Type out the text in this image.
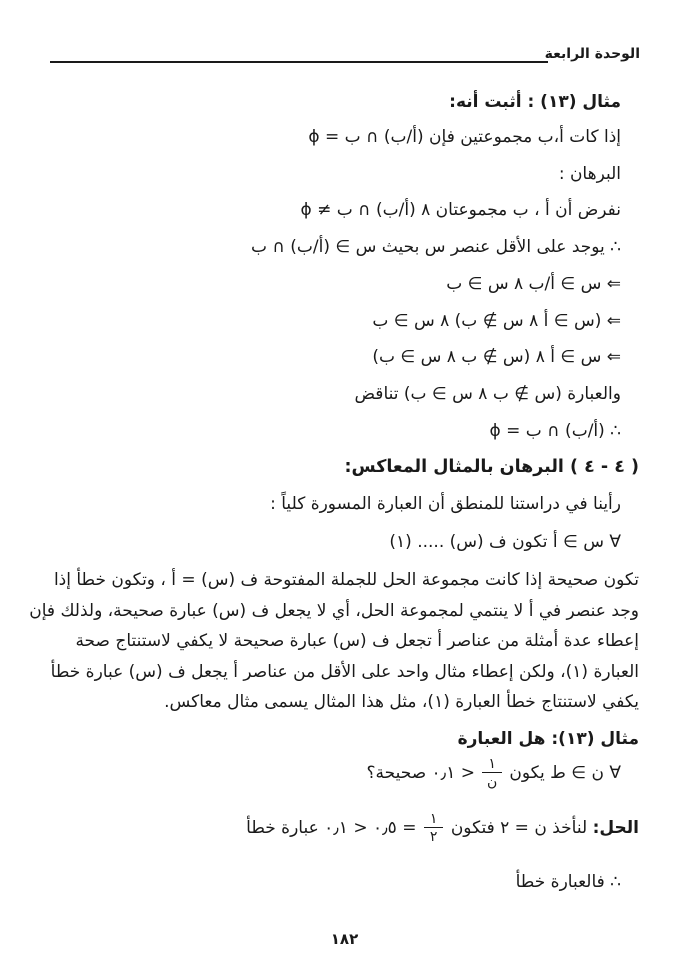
الوحدة الرابعة
مثال (١٣) : أثبت أنه:
إذا كات أ،ب مجموعتين فإن (أ/ب) ∩ ب = ϕ
البرهان :
نفرض أن أ ، ب مجموعتان ٨ (أ/ب) ∩ ب ≠ ϕ
∴ يوجد على الأقل عنصر س بحيث س ∋ (أ/ب) ∩ ب
⇐ س ∋ أ/ب ٨ س ∋ ب
⇐ (س ∋ أ ٨ س ∌ ب) ٨ س ∋ ب
⇐ س ∋ أ ٨ (س ∌ ب ٨ س ∋ ب)
والعبارة (س ∌ ب ٨ س ∋ ب) تناقض
∴ (أ/ب) ∩ ب = ϕ
( ٤ - ٤ ) البرهان بالمثال المعاكس:
رأينا في دراستنا للمنطق أن العبارة المسورة كلياً :
∀ س ∋ أ تكون ف (س) ..... (١)
تكون صحيحة إذا كانت مجموعة الحل للجملة المفتوحة ف (س) = أ ، وتكون خطأ إذا
وجد عنصر في أ لا ينتمي لمجموعة الحل، أي لا يجعل ف (س) عبارة صحيحة، ولذلك فإن
إعطاء عدة أمثلة من عناصر أ تجعل ف (س) عبارة صحيحة لا يكفي لاستنتاج صحة
العبارة (١)، ولكن إعطاء مثال واحد على الأقل من عناصر أ يجعل ف (س) عبارة خطأ
يكفي لاستنتاج خطأ العبارة (١)، مثل هذا المثال يسمى مثال معاكس.
مثال (١٣): هل العبارة
∀ ن ∋ ط يكون
$\frac{١}{\text{ن}}$
< ٠٫١ صحيحة؟
الحل: لنأخذ ن = ٢ فتكون
$\frac{١}{٢}$
= ٠٫٥ < ٠٫١ عبارة خطأ
∴ فالعبارة خطأ
١٨٢
